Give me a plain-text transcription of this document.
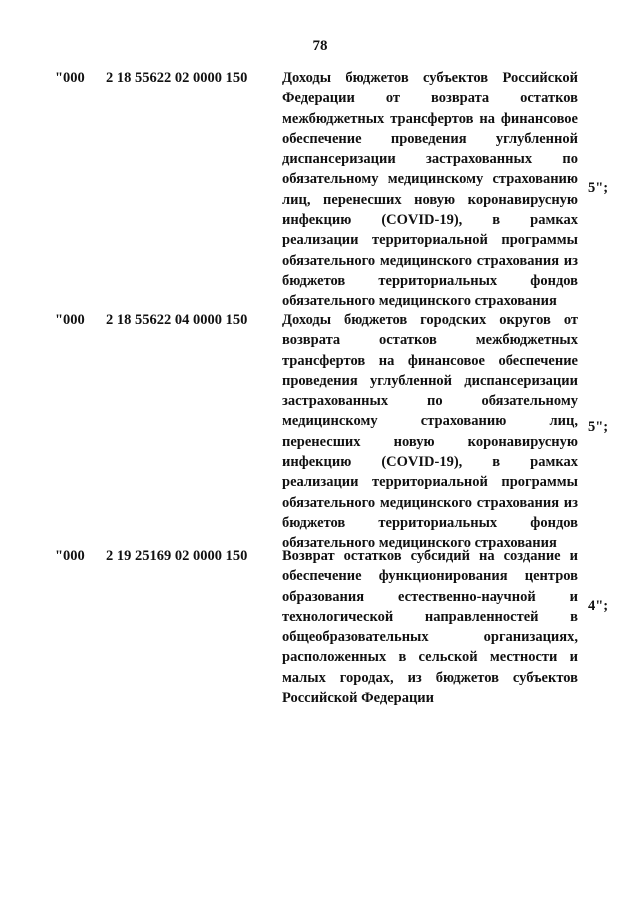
78
"000 2 18 55622 02 0000 150 Доходы бюджетов субъектов Российской Федерации от возврата остатков межбюджетных трансфертов на финансовое обеспечение проведения углубленной диспансеризации застрахованных по обязательному медицинскому страхованию лиц, перенесших новую коронавирусную инфекцию (COVID-19), в рамках реализации территориальной программы обязательного медицинского страхования из бюджетов территориальных фондов обязательного медицинского страхования
5";
"000 2 18 55622 04 0000 150 Доходы бюджетов городских округов от возврата остатков межбюджетных трансфертов на финансовое обеспечение проведения углубленной диспансеризации застрахованных по обязательному медицинскому страхованию лиц, перенесших новую коронавирусную инфекцию (COVID-19), в рамках реализации территориальной программы обязательного медицинского страхования из бюджетов территориальных фондов обязательного медицинского страхования
5";
"000 2 19 25169 02 0000 150 Возврат остатков субсидий на создание и обеспечение функционирования центров образования естественно-научной и технологической направленностей в общеобразовательных организациях, расположенных в сельской местности и малых городах, из бюджетов субъектов Российской Федерации
4";
